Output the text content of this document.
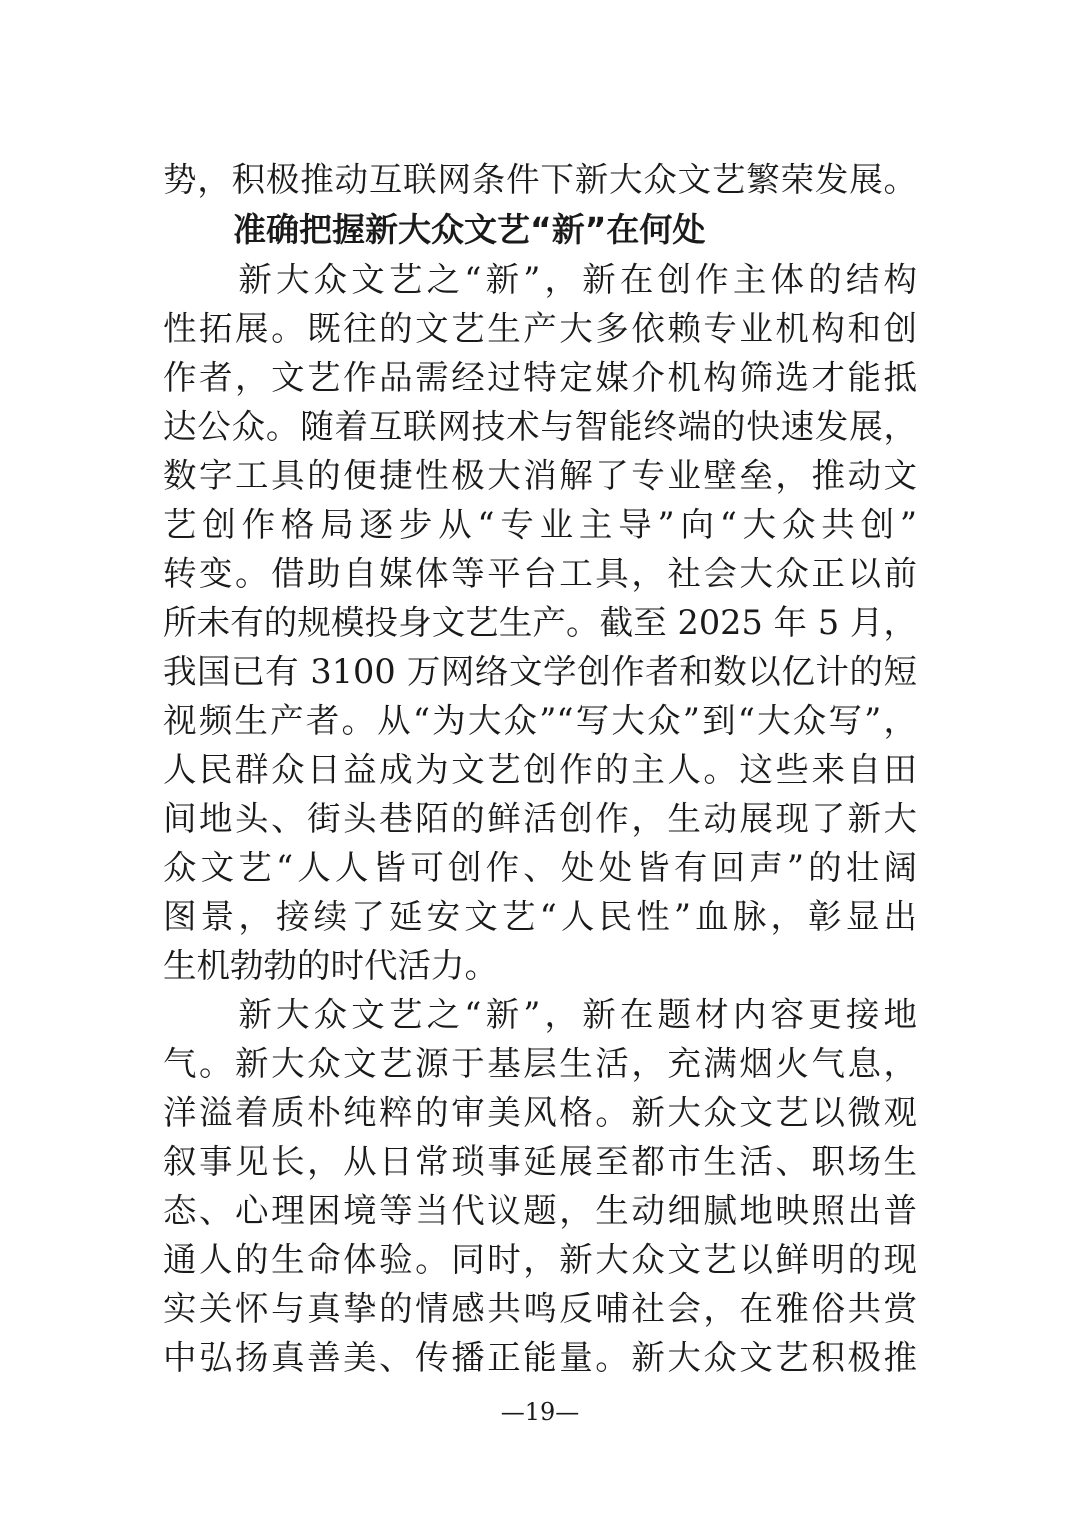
势，积极推动互联网条件下新大众文艺繁荣发展。
准确把握新大众文艺“新”在何处
　　新大众文艺之“新”，新在创作主体的结构
性拓展。既往的文艺生产大多依赖专业机构和创
作者，文艺作品需经过特定媒介机构筛选才能抵
达公众。随着互联网技术与智能终端的快速发展，
数字工具的便捷性极大消解了专业壁垒，推动文
艺创作格局逐步从“专业主导”向“大众共创”
转变。借助自媒体等平台工具，社会大众正以前
所未有的规模投身文艺生产。截至 2025 年 5 月，
我国已有 3100 万网络文学创作者和数以亿计的短
视频生产者。从“为大众”“写大众”到“大众写”，
人民群众日益成为文艺创作的主人。这些来自田
间地头、街头巷陌的鲜活创作，生动展现了新大
众文艺“人人皆可创作、处处皆有回声”的壮阔
图景，接续了延安文艺“人民性”血脉，彰显出
生机勃勃的时代活力。
　　新大众文艺之“新”，新在题材内容更接地
气。新大众文艺源于基层生活，充满烟火气息，
洋溢着质朴纯粹的审美风格。新大众文艺以微观
叙事见长，从日常琐事延展至都市生活、职场生
态、心理困境等当代议题，生动细腻地映照出普
通人的生命体验。同时，新大众文艺以鲜明的现
实关怀与真挚的情感共鸣反哺社会，在雅俗共赏
中弘扬真善美、传播正能量。新大众文艺积极推
—19—
